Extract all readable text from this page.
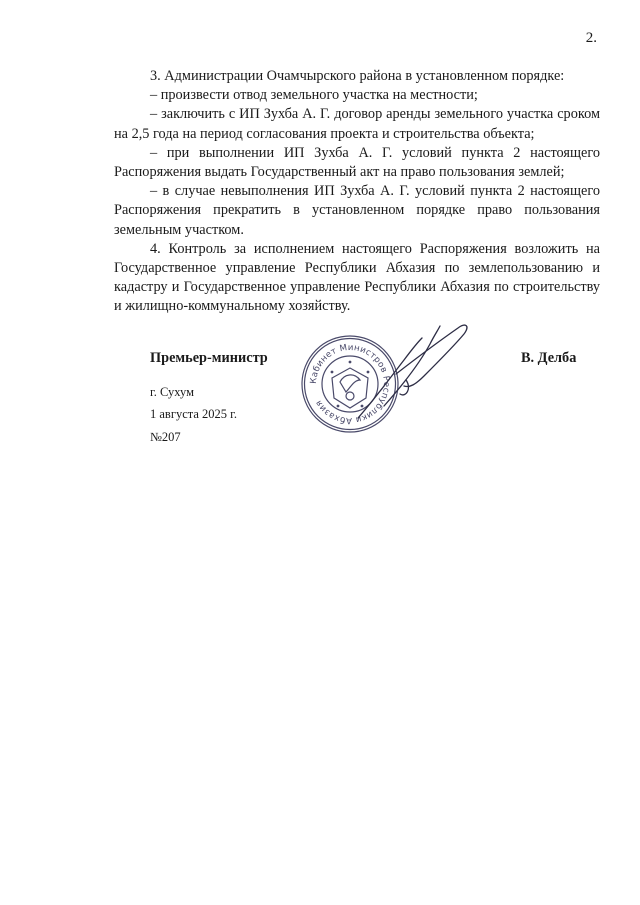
2.

3. Администрации Очамчырского района в установленном порядке:

– произвести отвод земельного участка на местности;

– заключить с ИП Зухба А. Г. договор аренды земельного участка сроком на 2,5 года на период согласования проекта и строительства объекта;

– при выполнении ИП Зухба А. Г. условий пункта 2 настоящего Распоряжения выдать Государственный акт на право пользования землей;

– в случае невыполнения ИП Зухба А. Г. условий пункта 2 настоящего Распоряжения прекратить в установленном порядке право пользования земельным участком.

4. Контроль за исполнением настоящего Распоряжения возложить на Государственное управление Республики Абхазия по землепользованию и кадастру и Государственное управление Республики Абхазия по строительству и жилищно-коммунальному хозяйству.

Премьер-министр	В. Делба
г. Сухум
1 августа 2025 г.
№207
Кабинет Министров Республики Абхазия
